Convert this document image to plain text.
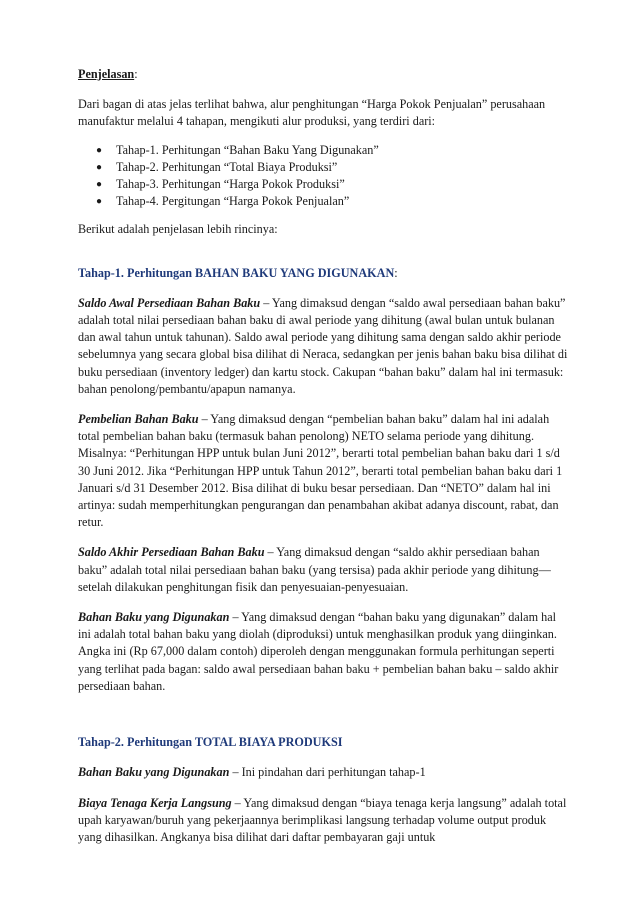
Penjelasan:

Dari bagan di atas jelas terlihat bahwa, alur penghitungan “Harga Pokok Penjualan” perusahaan manufaktur melalui 4 tahapan, mengikuti alur produksi, yang terdiri dari:

●	Tahap-1. Perhitungan “Bahan Baku Yang Digunakan”
●	Tahap-2. Perhitungan “Total Biaya Produksi”
●	Tahap-3. Perhitungan “Harga Pokok Produksi”
●	Tahap-4. Pergitungan “Harga Pokok Penjualan”

Berikut adalah penjelasan lebih rincinya:

Tahap-1. Perhitungan BAHAN BAKU YANG DIGUNAKAN:

Saldo Awal Persediaan Bahan Baku – Yang dimaksud dengan “saldo awal persediaan bahan baku” adalah total nilai persediaan bahan baku di awal periode yang dihitung (awal bulan untuk bulanan dan awal tahun untuk tahunan). Saldo awal periode yang dihitung sama dengan saldo akhir periode sebelumnya yang secara global bisa dilihat di Neraca, sedangkan per jenis bahan baku bisa dilihat di buku persediaan (inventory ledger) dan kartu stock. Cakupan “bahan baku” dalam hal ini termasuk: bahan penolong/pembantu/apapun namanya.

Pembelian Bahan Baku – Yang dimaksud dengan “pembelian bahan baku” dalam hal ini adalah total pembelian bahan baku (termasuk bahan penolong) NETO selama periode yang dihitung. Misalnya: “Perhitungan HPP untuk bulan Juni 2012”, berarti total pembelian bahan baku dari 1 s/d 30 Juni 2012. Jika “Perhitungan HPP untuk Tahun 2012”, berarti total pembelian bahan baku dari 1 Januari s/d 31 Desember 2012. Bisa dilihat di buku besar persediaan. Dan “NETO” dalam hal ini artinya: sudah memperhitungkan pengurangan dan penambahan akibat adanya discount, rabat, dan retur.

Saldo Akhir Persediaan Bahan Baku – Yang dimaksud dengan “saldo akhir persediaan bahan baku” adalah total nilai persediaan bahan baku (yang tersisa) pada akhir periode yang dihitung—setelah dilakukan penghitungan fisik dan penyesuaian-penyesuaian.

Bahan Baku yang Digunakan – Yang dimaksud dengan “bahan baku yang digunakan” dalam hal ini adalah total bahan baku yang diolah (diproduksi) untuk menghasilkan produk yang diinginkan. Angka ini (Rp 67,000 dalam contoh) diperoleh dengan menggunakan formula perhitungan seperti yang terlihat pada bagan: saldo awal persediaan bahan baku + pembelian bahan baku – saldo akhir persediaan bahan.

Tahap-2. Perhitungan TOTAL BIAYA PRODUKSI

Bahan Baku yang Digunakan – Ini pindahan dari perhitungan tahap-1

Biaya Tenaga Kerja Langsung – Yang dimaksud dengan “biaya tenaga kerja langsung” adalah total upah karyawan/buruh yang pekerjaannya berimplikasi langsung terhadap volume output produk yang dihasilkan. Angkanya bisa dilihat dari daftar pembayaran gaji untuk
